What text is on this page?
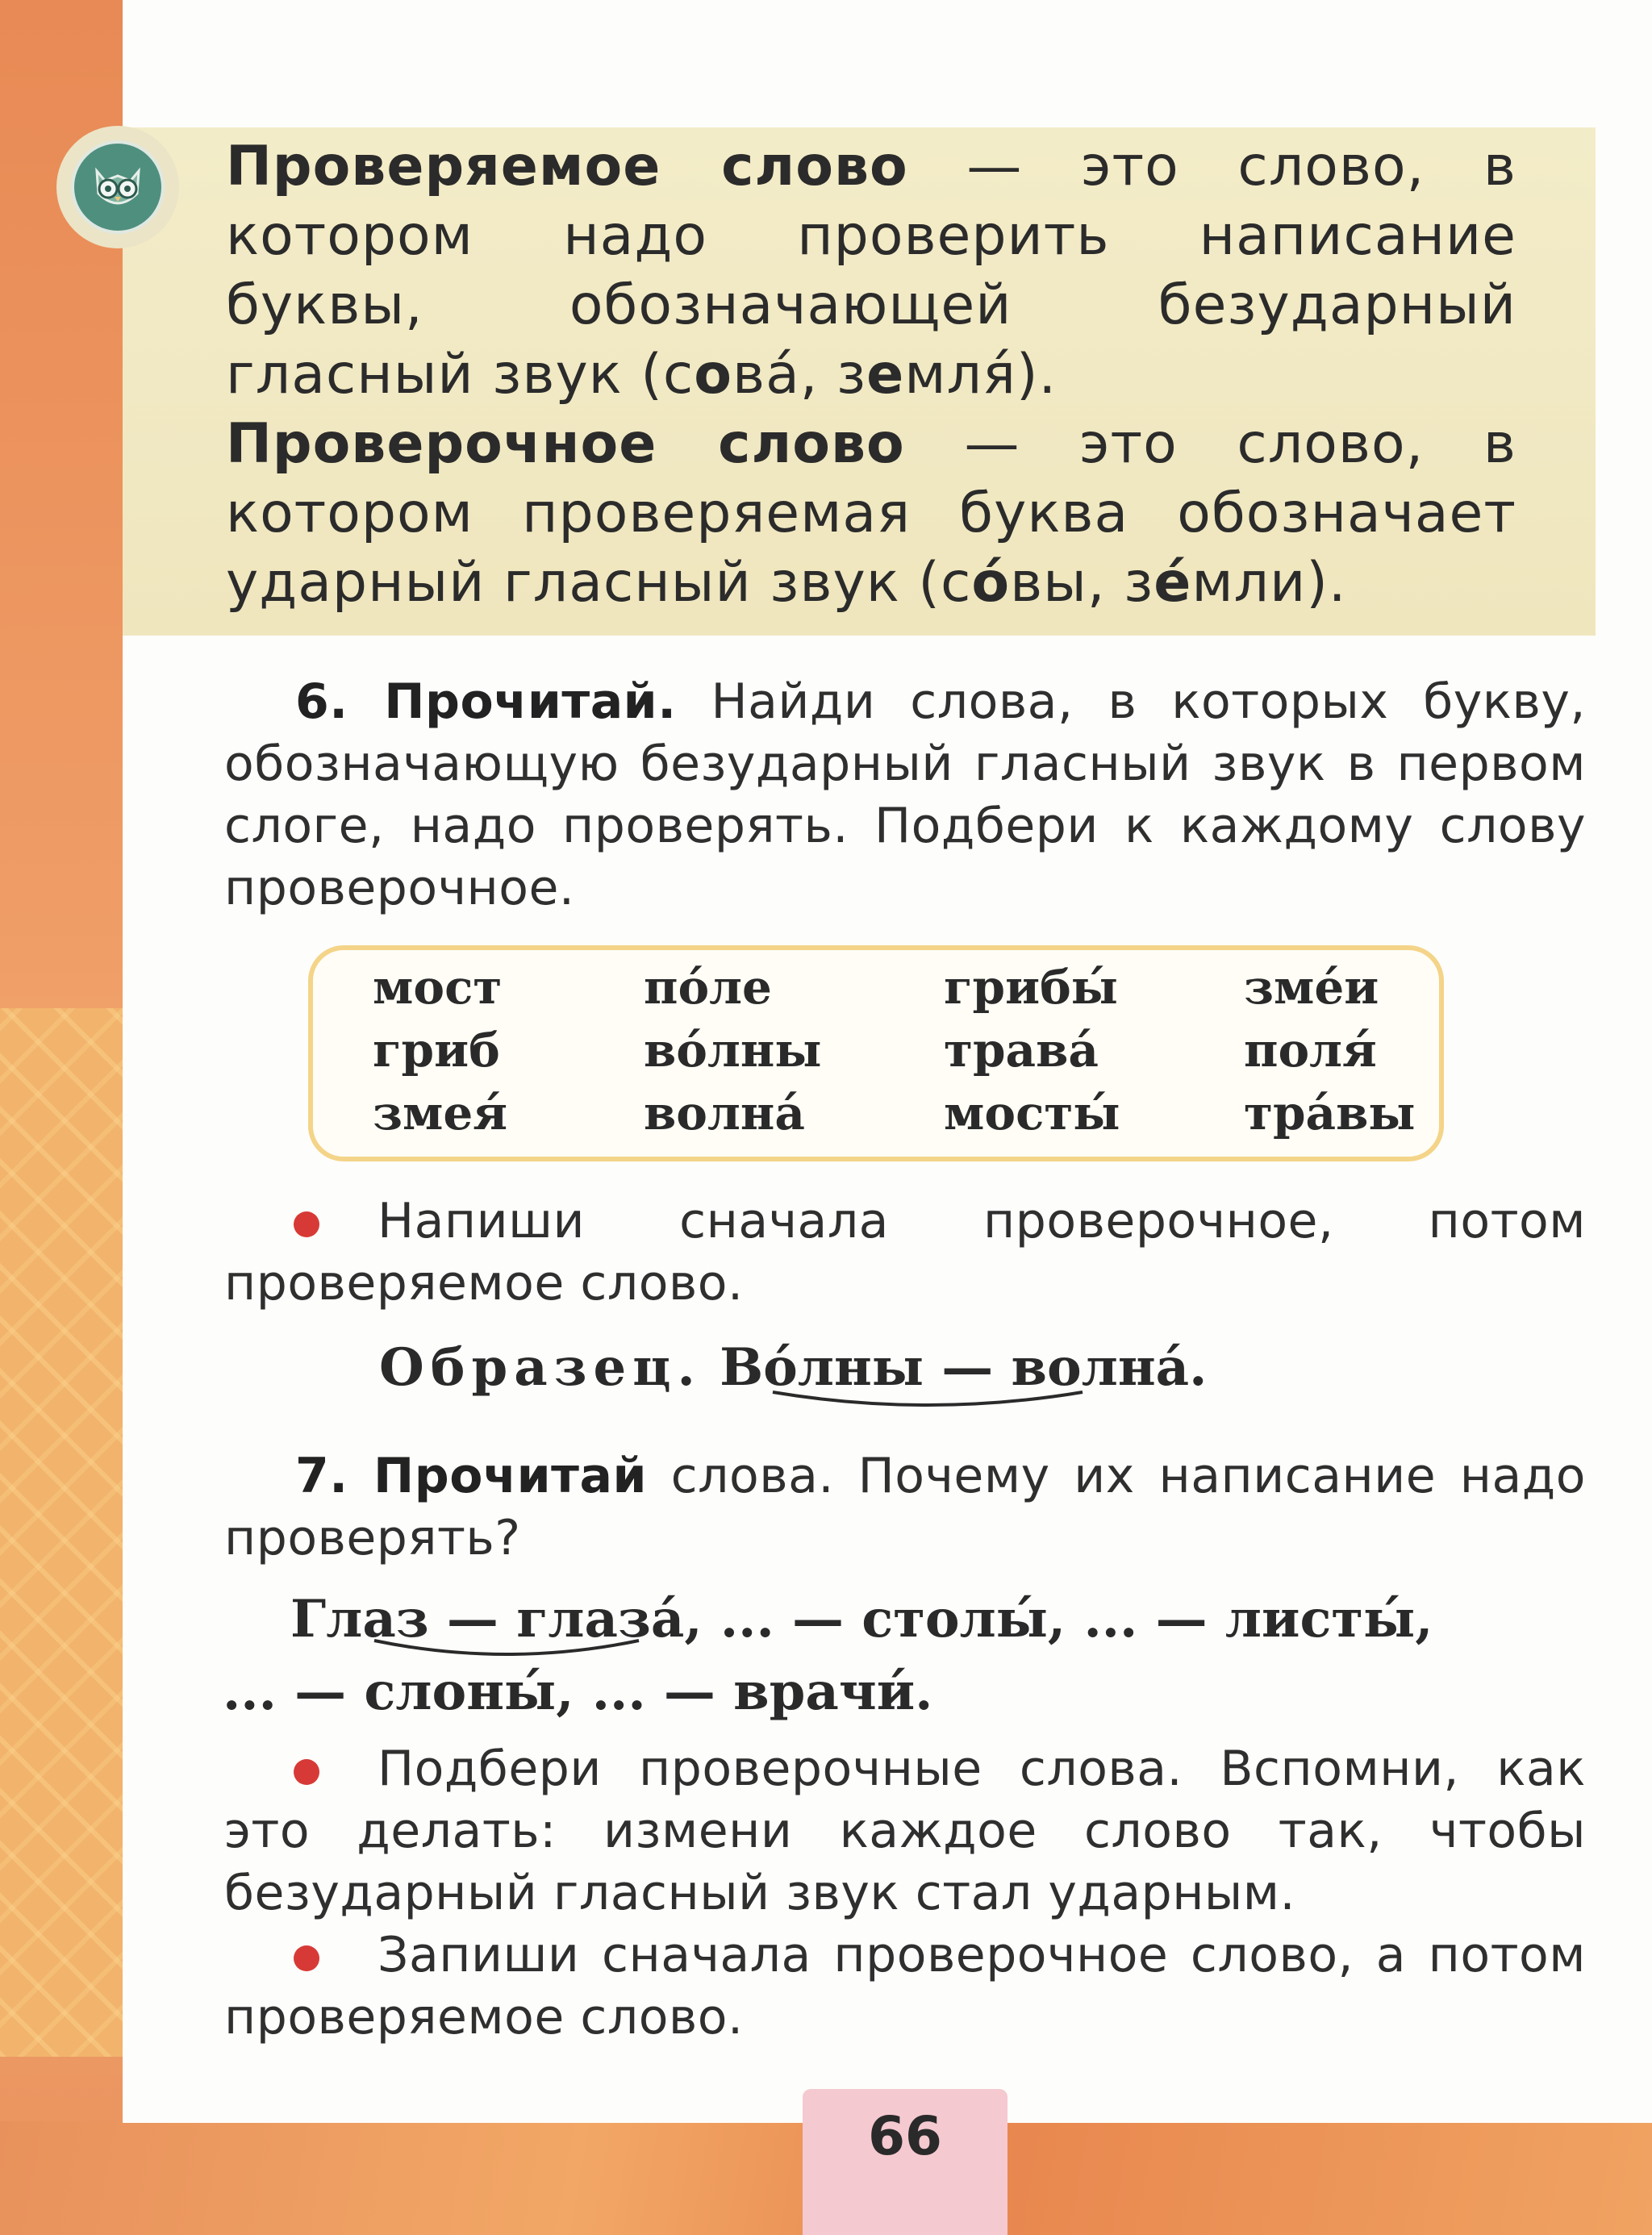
Проверяемое слово — это слово, в котором надо проверить написание буквы, обозначающей безударный гласный звук (совá, земля́).

Проверочное слово — это слово, в котором проверяемая буква обозначает ударный гласный звук (со́вы, зе́мли).

6. Прочитай. Найди слова, в которых букву, обозначающую безударный гласный звук в первом слоге, надо проверять. Подбери к каждому слову проверочное.

мост	по́ле	грибы́	зме́и
гриб	во́лны	трава́	поля́
змея́	волна́	мосты́	тра́вы

Напиши сначала проверочное, потом проверяемое слово.

Образец. Во́лны — волна́.

7. Прочитай слова. Почему их написание надо проверять?

Глаз — глаза́, ... — столы́, ... — листы́,
... — слоны́, ... — врачи́.

Подбери проверочные слова. Вспомни, как это делать: измени каждое слово так, чтобы безударный гласный звук стал ударным.

Запиши сначала проверочное слово, а потом проверяемое слово.

66
